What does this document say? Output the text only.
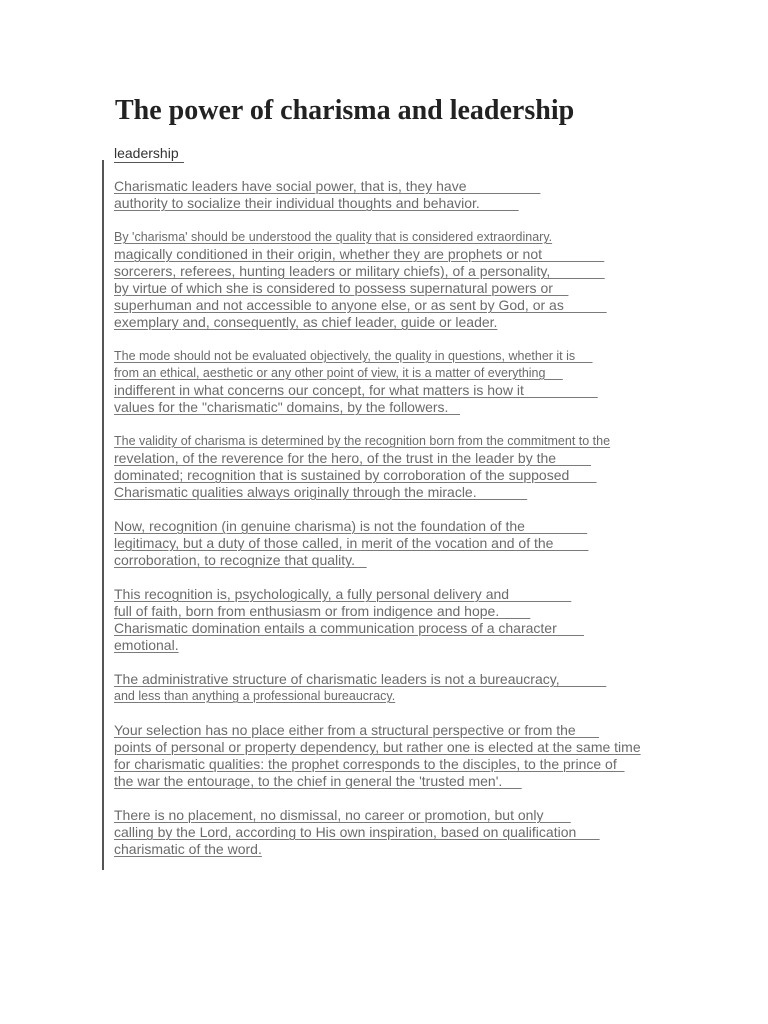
The power of charisma and leadership
leadership
Charismatic leaders have social power, that is, they have
authority to socialize their individual thoughts and behavior.
By 'charisma' should be understood the quality that is considered extraordinary.
magically conditioned in their origin, whether they are prophets or not
sorcerers, referees, hunting leaders or military chiefs), of a personality,
by virtue of which she is considered to possess supernatural powers or
superhuman and not accessible to anyone else, or as sent by God, or as
exemplary and, consequently, as chief leader, guide or leader.
The mode should not be evaluated objectively, the quality in questions, whether it is
from an ethical, aesthetic or any other point of view, it is a matter of everything
indifferent in what concerns our concept, for what matters is how it
values for the "charismatic" domains, by the followers.
The validity of charisma is determined by the recognition born from the commitment to the
revelation, of the reverence for the hero, of the trust in the leader by the
dominated; recognition that is sustained by corroboration of the supposed
Charismatic qualities always originally through the miracle.
Now, recognition (in genuine charisma) is not the foundation of the
legitimacy, but a duty of those called, in merit of the vocation and of the
corroboration, to recognize that quality.
This recognition is, psychologically, a fully personal delivery and
full of faith, born from enthusiasm or from indigence and hope.
Charismatic domination entails a communication process of a character
emotional.
The administrative structure of charismatic leaders is not a bureaucracy,
and less than anything a professional bureaucracy.
Your selection has no place either from a structural perspective or from the
points of personal or property dependency, but rather one is elected at the same time
for charismatic qualities: the prophet corresponds to the disciples, to the prince of
the war the entourage, to the chief in general the 'trusted men'.
There is no placement, no dismissal, no career or promotion, but only
calling by the Lord, according to His own inspiration, based on qualification
charismatic of the word.
